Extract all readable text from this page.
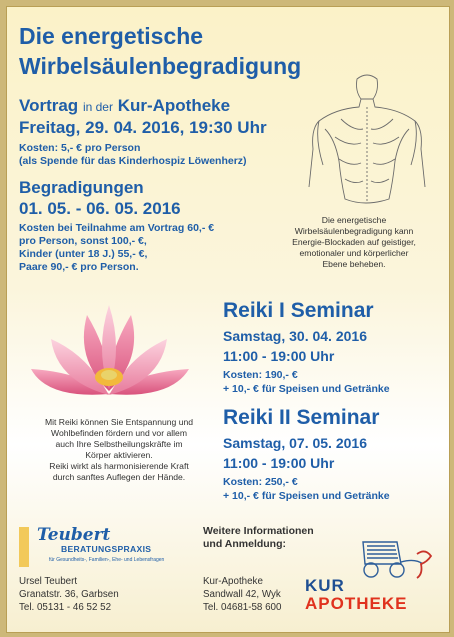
Die energetische
Wirbelsäulenbegradigung
Vortrag in der Kur-Apotheke
Freitag, 29. 04. 2016, 19:30 Uhr
Kosten: 5,- € pro Person
(als Spende für das Kinderhospiz Löwenherz)
Begradigungen
01. 05. - 06. 05. 2016
Kosten bei Teilnahme am Vortrag 60,- €
pro Person, sonst 100,- €,
Kinder (unter 18 J.) 55,- €,
Paare 90,- € pro Person.
Die energetische
Wirbelsäulenbegradigung kann
Energie-Blockaden auf geistiger,
emotionaler und körperlicher
Ebene beheben.
Mit Reiki können Sie Entspannung und
Wohlbefinden fördern und vor allem
auch Ihre Selbstheilungskräfte im
Körper aktivieren.
Reiki wirkt als harmonisierende Kraft
durch sanftes Auflegen der Hände.
Reiki I Seminar
Samstag, 30. 04. 2016
11:00 - 19:00 Uhr
Kosten: 190,- €
+ 10,- € für Speisen und Getränke
Reiki II Seminar
Samstag, 07. 05. 2016
11:00 - 19:00 Uhr
Kosten: 250,- €
+ 10,- € für Speisen und Getränke
Teubert
BERATUNGSPRAXIS
für Gesundheits-, Familien-, Ehe- und Lebensfragen
Ursel Teubert
Granatstr. 36, Garbsen
Tel. 05131 - 46 52 52
Weitere Informationen
und Anmeldung:
Kur-Apotheke
Sandwall 42, Wyk
Tel. 04681-58 600
KUR
APOTHEKE
